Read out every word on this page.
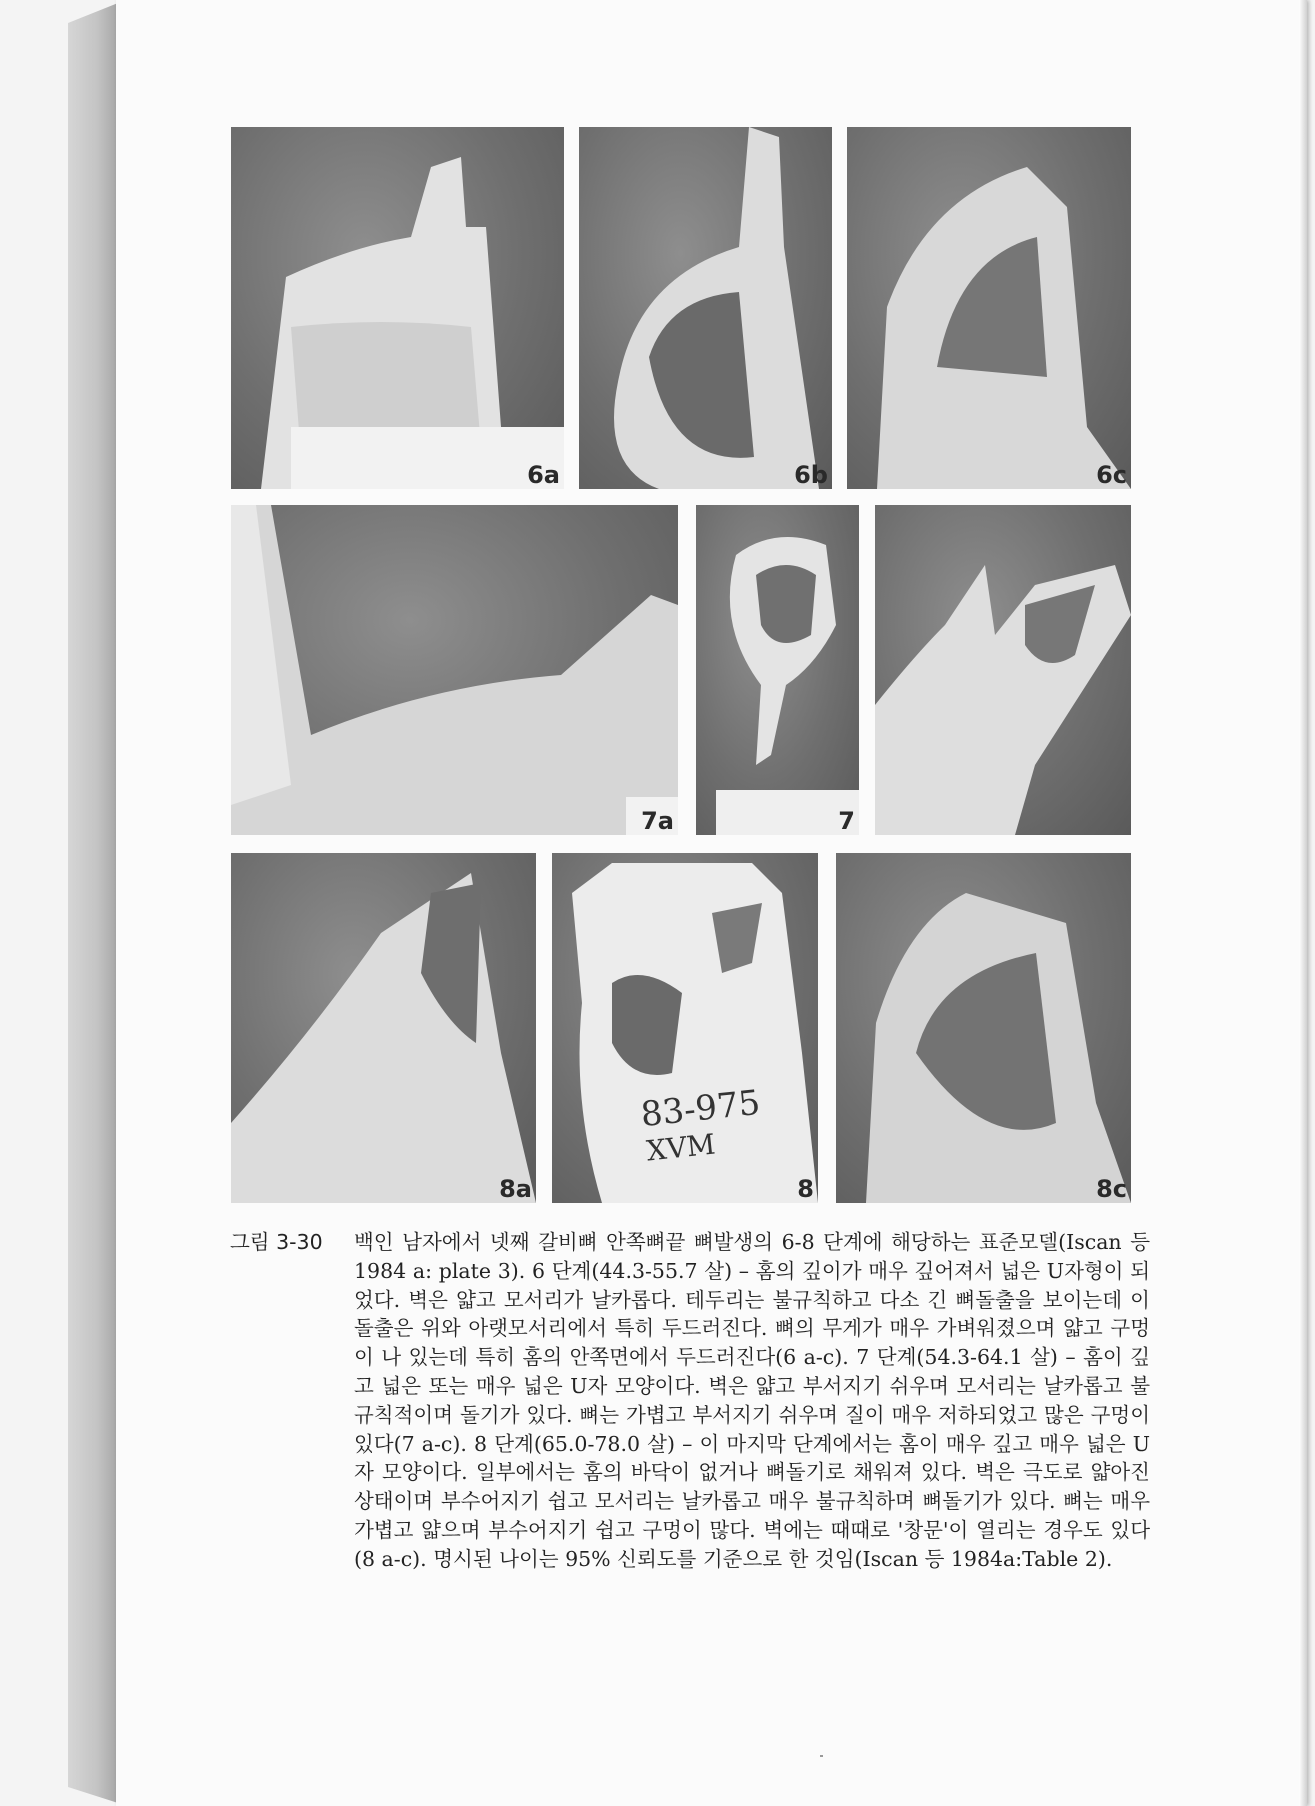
6a	6b	6c
7a	7
8a
83-975
XVM
8	8c
그림 3-30	백인 남자에서 넷째 갈비뼈 안쪽뼈끝 뼈발생의 6-8 단계에 해당하는 표준모델(Iscan 등 1984 a: plate 3). 6 단계(44.3-55.7 살) – 홈의 깊이가 매우 깊어져서 넓은 U자형이 되었다. 벽은 얇고 모서리가 날카롭다. 테두리는 불규칙하고 다소 긴 뼈돌출을 보이는데 이 돌출은 위와 아랫모서리에서 특히 두드러진다. 뼈의 무게가 매우 가벼워졌으며 얇고 구멍이 나 있는데 특히 홈의 안쪽면에서 두드러진다(6 a-c). 7 단계(54.3-64.1 살) – 홈이 깊고 넓은 또는 매우 넓은 U자 모양이다. 벽은 얇고 부서지기 쉬우며 모서리는 날카롭고 불규칙적이며 돌기가 있다. 뼈는 가볍고 부서지기 쉬우며 질이 매우 저하되었고 많은 구멍이 있다(7 a-c). 8 단계(65.0-78.0 살) – 이 마지막 단계에서는 홈이 매우 깊고 매우 넓은 U자 모양이다. 일부에서는 홈의 바닥이 없거나 뼈돌기로 채워져 있다. 벽은 극도로 얇아진 상태이며 부수어지기 쉽고 모서리는 날카롭고 매우 불규칙하며 뼈돌기가 있다. 뼈는 매우 가볍고 얇으며 부수어지기 쉽고 구멍이 많다. 벽에는 때때로 '창문'이 열리는 경우도 있다(8 a-c). 명시된 나이는 95% 신뢰도를 기준으로 한 것임(Iscan 등 1984a:Table 2).
